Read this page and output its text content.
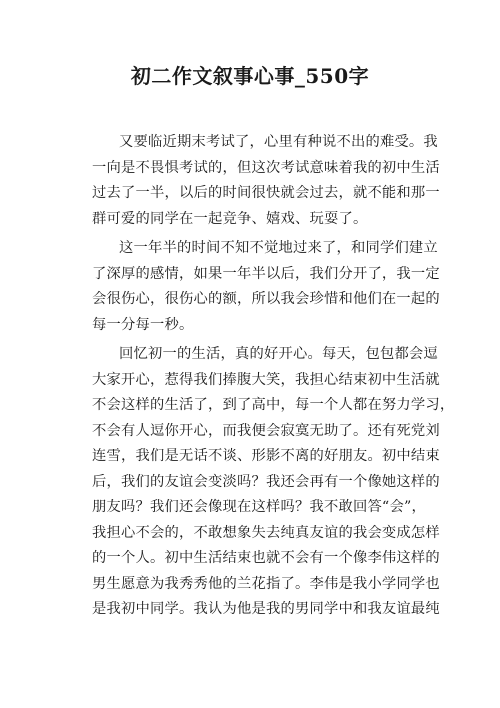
初二作文叙事心事_550字
又要临近期末考试了，心里有种说不出的难受。我
一向是不畏惧考试的，但这次考试意味着我的初中生活
过去了一半，以后的时间很快就会过去，就不能和那一
群可爱的同学在一起竞争、嬉戏、玩耍了。
这一年半的时间不知不觉地过来了，和同学们建立
了深厚的感情，如果一年半以后，我们分开了，我一定
会很伤心，很伤心的额，所以我会珍惜和他们在一起的
每一分每一秒。
回忆初一的生活，真的好开心。每天，包包都会逗
大家开心，惹得我们捧腹大笑，我担心结束初中生活就
不会这样的生活了，到了高中，每一个人都在努力学习，
不会有人逗你开心，而我便会寂寞无助了。还有死党刘
连雪，我们是无话不谈、形影不离的好朋友。初中结束
后，我们的友谊会变淡吗？我还会再有一个像她这样的
朋友吗？我们还会像现在这样吗？我不敢回答“会”，
我担心不会的，不敢想象失去纯真友谊的我会变成怎样
的一个人。初中生活结束也就不会有一个像李伟这样的
男生愿意为我秀秀他的兰花指了。李伟是我小学同学也
是我初中同学。我认为他是我的男同学中和我友谊最纯
